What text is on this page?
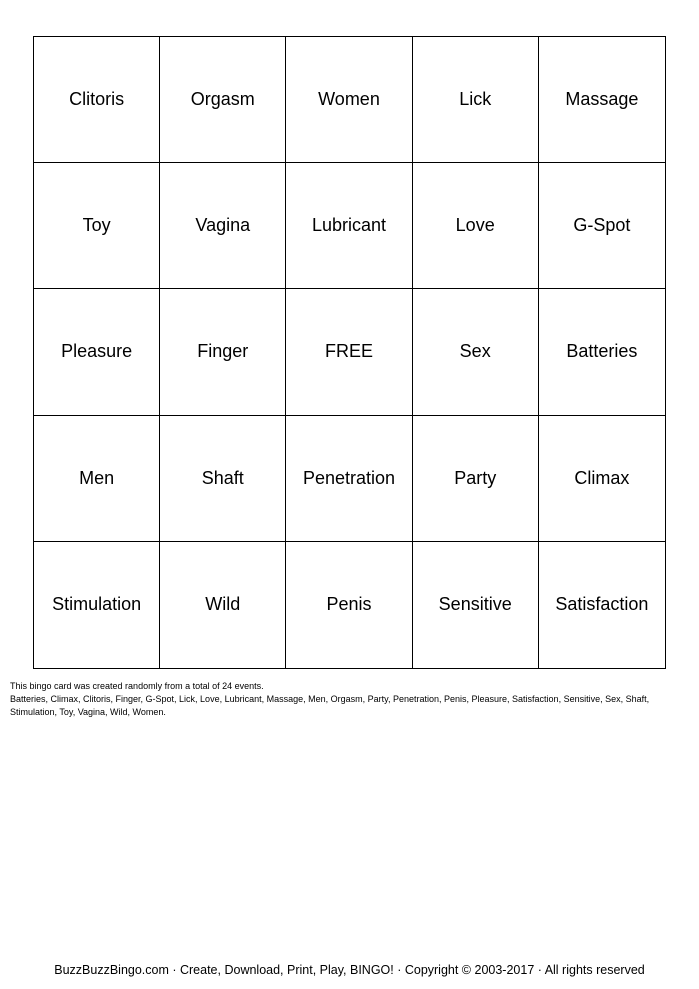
Clitoris	Orgasm	Women	Lick	Massage
Toy	Vagina	Lubricant	Love	G-Spot
Pleasure	Finger	FREE	Sex	Batteries
Men	Shaft	Penetration	Party	Climax
Stimulation	Wild	Penis	Sensitive	Satisfaction
This bingo card was created randomly from a total of 24 events.
Batteries, Climax, Clitoris, Finger, G-Spot, Lick, Love, Lubricant, Massage, Men, Orgasm, Party, Penetration, Penis, Pleasure, Satisfaction, Sensitive, Sex, Shaft, Stimulation, Toy, Vagina, Wild, Women.
BuzzBuzzBingo.com · Create, Download, Print, Play, BINGO! · Copyright © 2003-2017 · All rights reserved
